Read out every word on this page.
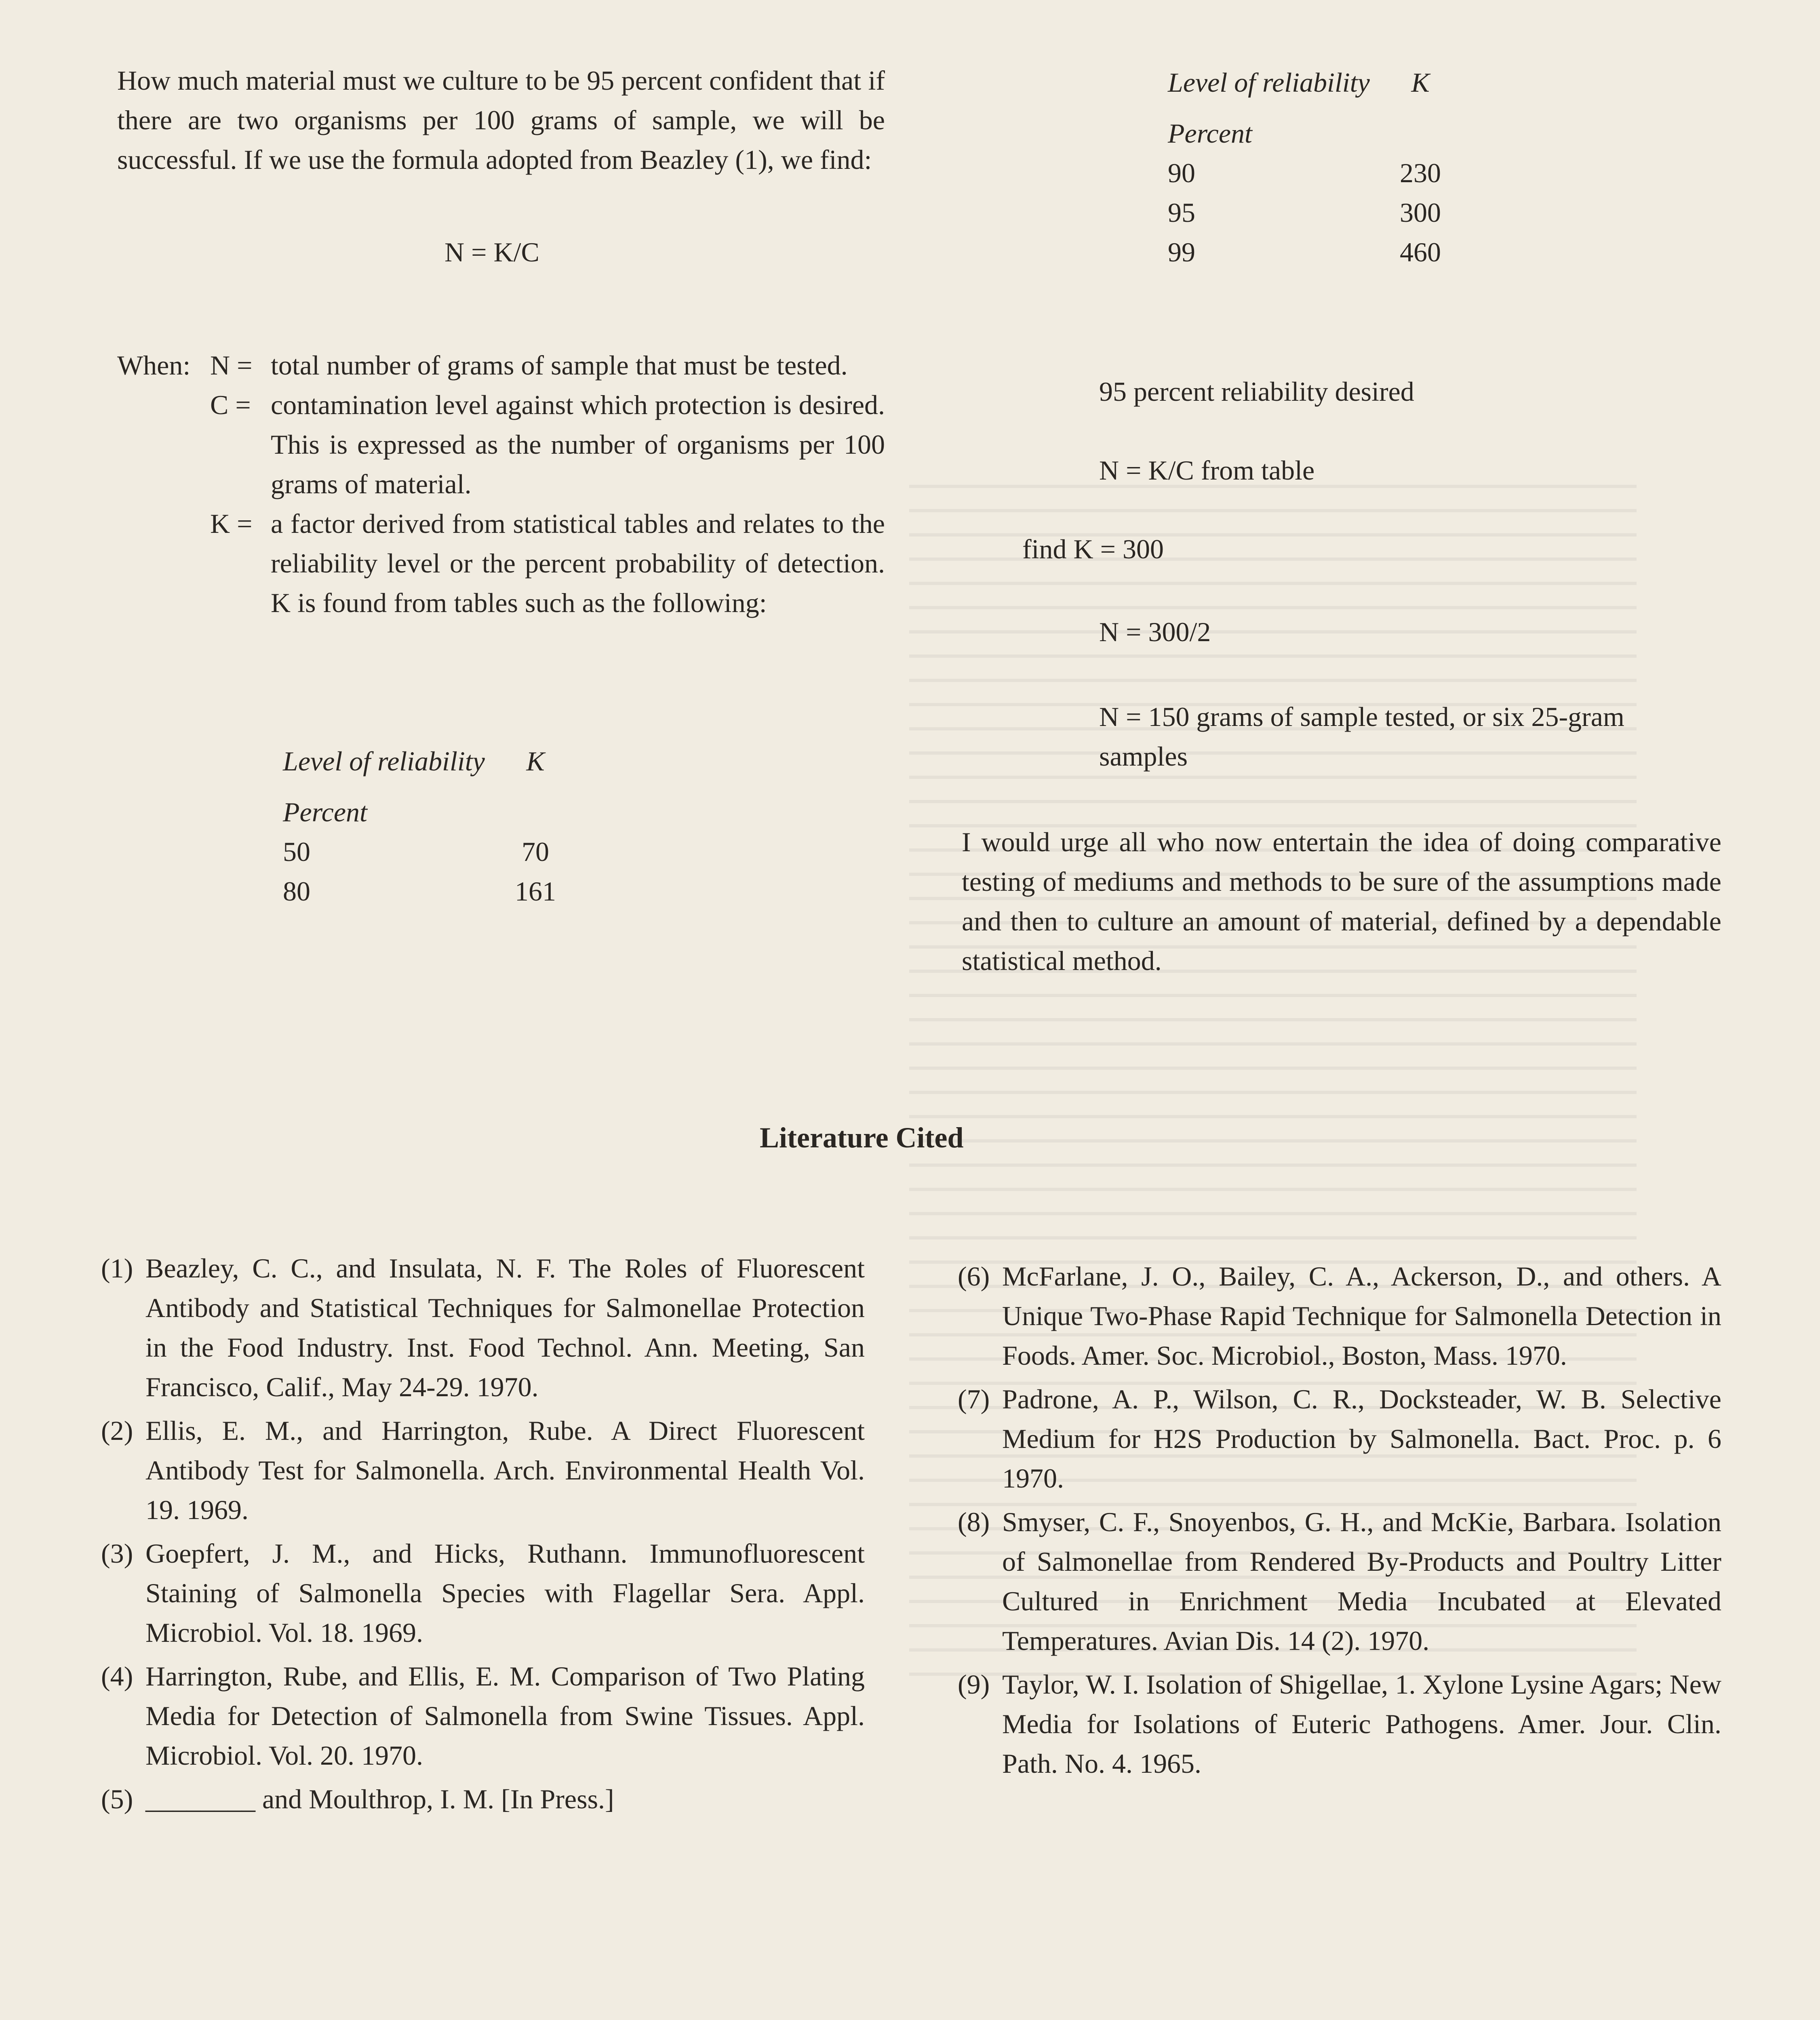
How much material must we culture to be 95 percent confident that if there are two organisms per 100 grams of sample, we will be successful. If we use the formula adopted from Beazley (1), we find:

N = K/C
When: N = total number of grams of sample that must be tested.
C = contamination level against which protection is desired. This is expressed as the number of organisms per 100 grams of material.
K = a factor derived from statistical tables and relates to the reliability level or the percent probability of detection. K is found from tables such as the following:
Level of reliability	K
Percent
50	70
80	161
Level of reliability	K
Percent
90	230
95	300
99	460
95 percent reliability desired
N = K/C from table
find K = 300
N = 300/2
N = 150 grams of sample tested, or six 25-gram samples

I would urge all who now entertain the idea of doing comparative testing of mediums and methods to be sure of the assumptions made and then to culture an amount of material, defined by a dependable statistical method.

Literature Cited
(1) Beazley, C. C., and Insulata, N. F. The Roles of Fluorescent Antibody and Statistical Techniques for Salmonellae Protection in the Food Industry. Inst. Food Technol. Ann. Meeting, San Francisco, Calif., May 24-29. 1970.
(2) Ellis, E. M., and Harrington, Rube. A Direct Fluorescent Antibody Test for Salmonella. Arch. Environmental Health Vol. 19. 1969.
(3) Goepfert, J. M., and Hicks, Ruthann. Immunofluorescent Staining of Salmonella Species with Flagellar Sera. Appl. Microbiol. Vol. 18. 1969.
(4) Harrington, Rube, and Ellis, E. M. Comparison of Two Plating Media for Detection of Salmonella from Swine Tissues. Appl. Microbiol. Vol. 20. 1970.
(5) ________ and Moulthrop, I. M. [In Press.]
(6) McFarlane, J. O., Bailey, C. A., Ackerson, D., and others. A Unique Two-Phase Rapid Technique for Salmonella Detection in Foods. Amer. Soc. Microbiol., Boston, Mass. 1970.
(7) Padrone, A. P., Wilson, C. R., Docksteader, W. B. Selective Medium for H2S Production by Salmonella. Bact. Proc. p. 6 1970.
(8) Smyser, C. F., Snoyenbos, G. H., and McKie, Barbara. Isolation of Salmonellae from Rendered By-Products and Poultry Litter Cultured in Enrichment Media Incubated at Elevated Temperatures. Avian Dis. 14 (2). 1970.
(9) Taylor, W. I. Isolation of Shigellae, 1. Xylone Lysine Agars; New Media for Isolations of Euteric Pathogens. Amer. Jour. Clin. Path. No. 4. 1965.
